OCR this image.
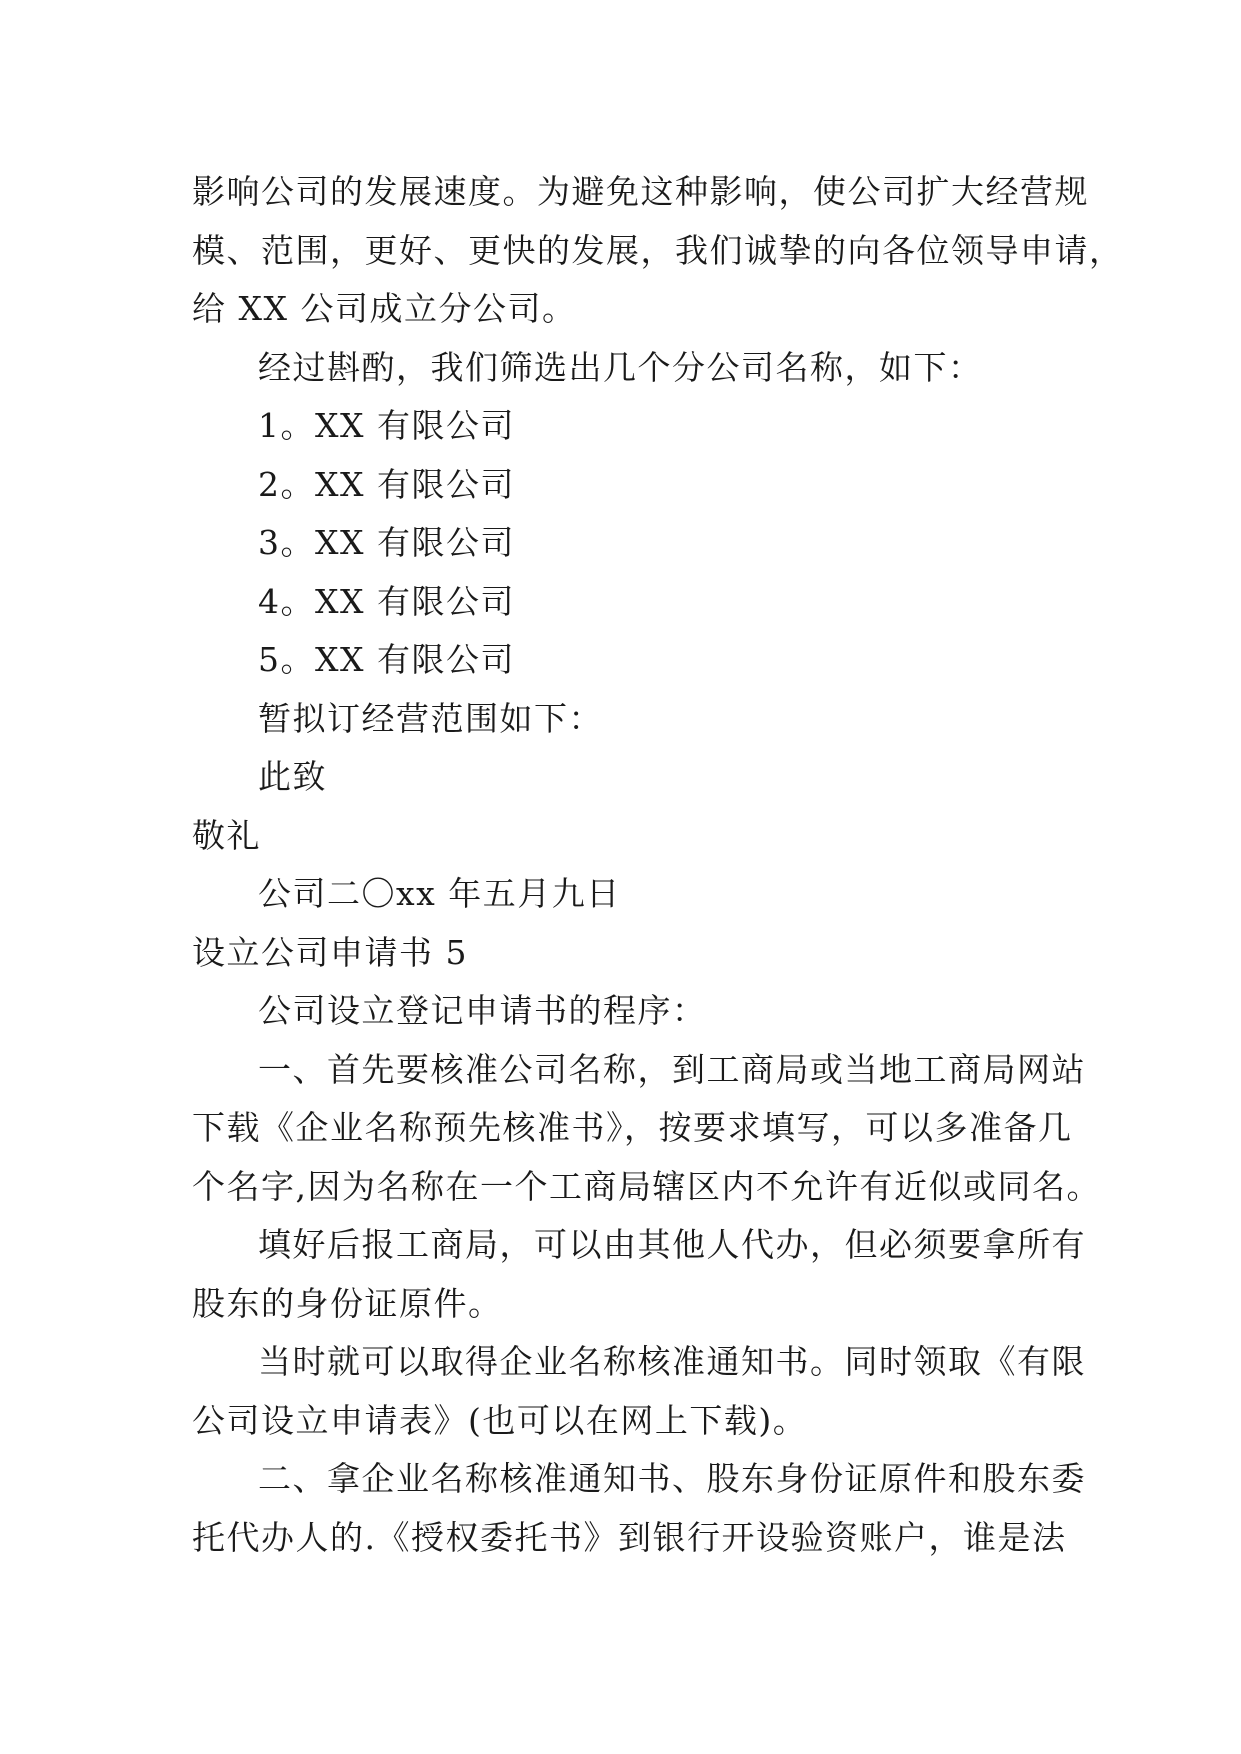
影响公司的发展速度。为避免这种影响，使公司扩大经营规
模、范围，更好、更快的发展，我们诚挚的向各位领导申请，
给 XX 公司成立分公司。
经过斟酌，我们筛选出几个分公司名称，如下：
1。XX 有限公司
2。XX 有限公司
3。XX 有限公司
4。XX 有限公司
5。XX 有限公司
暂拟订经营范围如下：
此致
敬礼
公司二〇xx 年五月九日
设立公司申请书 5
公司设立登记申请书的程序：
一、首先要核准公司名称，到工商局或当地工商局网站
下载《企业名称预先核准书》，按要求填写，可以多准备几
个名字,因为名称在一个工商局辖区内不允许有近似或同名。
填好后报工商局，可以由其他人代办，但必须要拿所有
股东的身份证原件。
当时就可以取得企业名称核准通知书。同时领取《有限
公司设立申请表》(也可以在网上下载)。
二、拿企业名称核准通知书、股东身份证原件和股东委
托代办人的.《授权委托书》到银行开设验资账户，谁是法
